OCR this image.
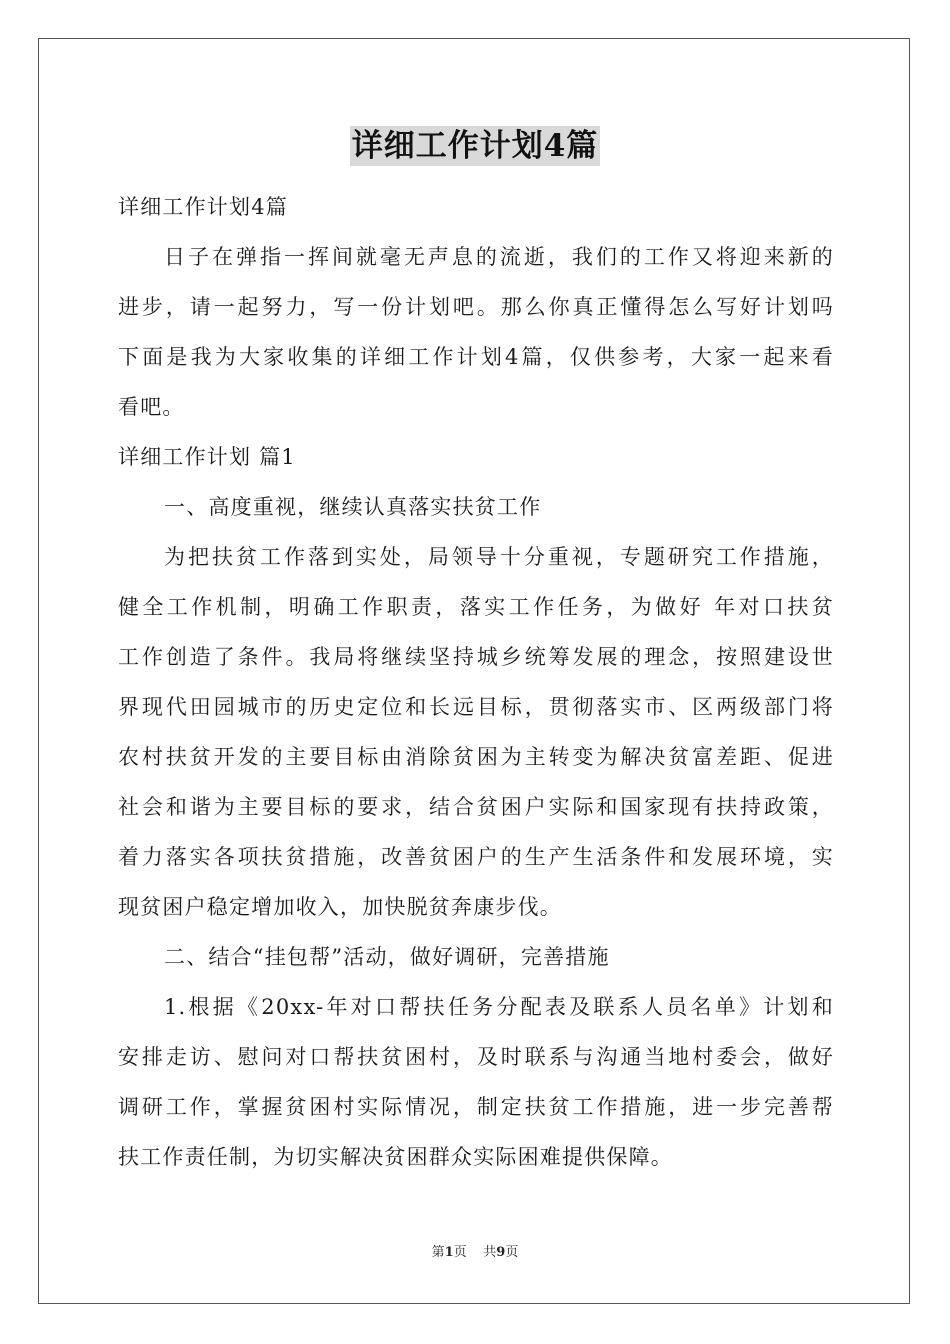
详细工作计划4篇
详细工作计划4篇
日子在弹指一挥间就毫无声息的流逝，我们的工作又将迎来新的
进步，请一起努力，写一份计划吧。那么你真正懂得怎么写好计划吗
下面是我为大家收集的详细工作计划4篇，仅供参考，大家一起来看
看吧。
详细工作计划 篇1
一、高度重视，继续认真落实扶贫工作
为把扶贫工作落到实处，局领导十分重视，专题研究工作措施，
健全工作机制，明确工作职责，落实工作任务，为做好 年对口扶贫
工作创造了条件。我局将继续坚持城乡统筹发展的理念，按照建设世
界现代田园城市的历史定位和长远目标，贯彻落实市、区两级部门将
农村扶贫开发的主要目标由消除贫困为主转变为解决贫富差距、促进
社会和谐为主要目标的要求，结合贫困户实际和国家现有扶持政策，
着力落实各项扶贫措施，改善贫困户的生产生活条件和发展环境，实
现贫困户稳定增加收入，加快脱贫奔康步伐。
二、结合“挂包帮”活动，做好调研，完善措施
1.根据《20xx-年对口帮扶任务分配表及联系人员名单》计划和
安排走访、慰问对口帮扶贫困村，及时联系与沟通当地村委会，做好
调研工作，掌握贫困村实际情况，制定扶贫工作措施，进一步完善帮
扶工作责任制，为切实解决贫困群众实际困难提供保障。
第1页 共9页
